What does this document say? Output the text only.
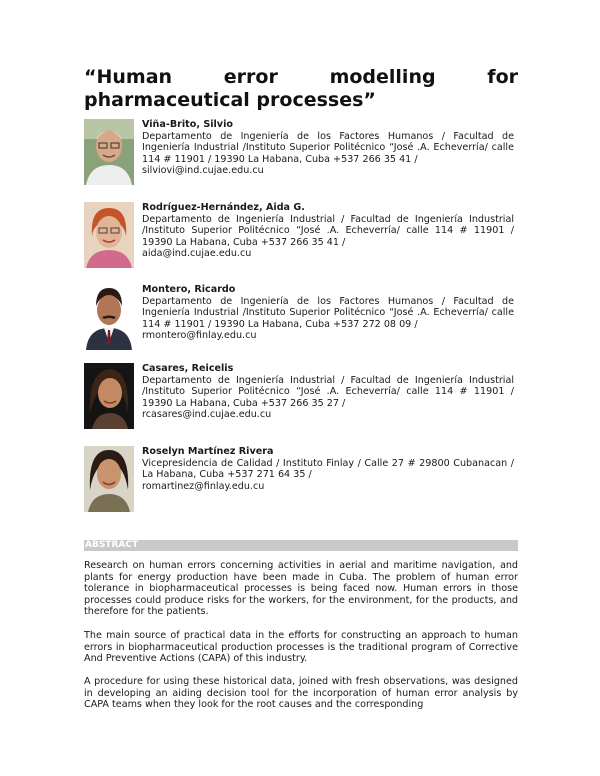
“Human	error	modelling	for
pharmaceutical processes”
Viña-Brito, Silvio
Departamento de Ingeniería de los Factores Humanos / Facultad de Ingeniería Industrial /Instituto Superior Politécnico “José .A. Echeverría/ calle 114 # 11901 / 19390 La Habana, Cuba +537 266 35 41 /
silviovi@ind.cujae.edu.cu
Rodríguez-Hernández, Aida G.
Departamento de Ingeniería Industrial / Facultad de Ingeniería Industrial /Instituto Superior Politécnico “José .A. Echeverría/ calle 114 # 11901 / 19390 La Habana, Cuba +537 266 35 41 /
aida@ind.cujae.edu.cu
Montero, Ricardo
Departamento de Ingeniería de los Factores Humanos / Facultad de Ingeniería Industrial /Instituto Superior Politécnico “José .A. Echeverría/ calle 114 # 11901 / 19390 La Habana, Cuba +537 272 08 09 /
rmontero@finlay.edu.cu
Casares, Reicelis
Departamento de Ingeniería Industrial / Facultad de Ingeniería Industrial /Instituto Superior Politécnico “José .A. Echeverría/ calle 114 # 11901 / 19390 La Habana, Cuba +537 266 35 27 /
rcasares@ind.cujae.edu.cu
Roselyn Martínez Rivera
Vicepresidencia de Calidad / Instituto Finlay / Calle 27 # 29800 Cubanacan / La Habana, Cuba +537 271 64 35 /
romartinez@finlay.edu.cu
ABSTRACT
Research on human errors concerning activities in aerial and maritime navigation, and plants for energy production have been made in Cuba. The problem of human error tolerance in biopharmaceutical processes is being faced now. Human errors in those processes could produce risks for the workers, for the environment, for the products, and therefore for the patients.
The main source of practical data in the efforts for constructing an approach to human errors in biopharmaceutical production processes is the traditional program of Corrective And Preventive Actions (CAPA) of this industry.
A procedure for using these historical data, joined with fresh observations, was designed in developing an aiding decision tool for the incorporation of human error analysis by CAPA teams when they look for the root causes and the corresponding
